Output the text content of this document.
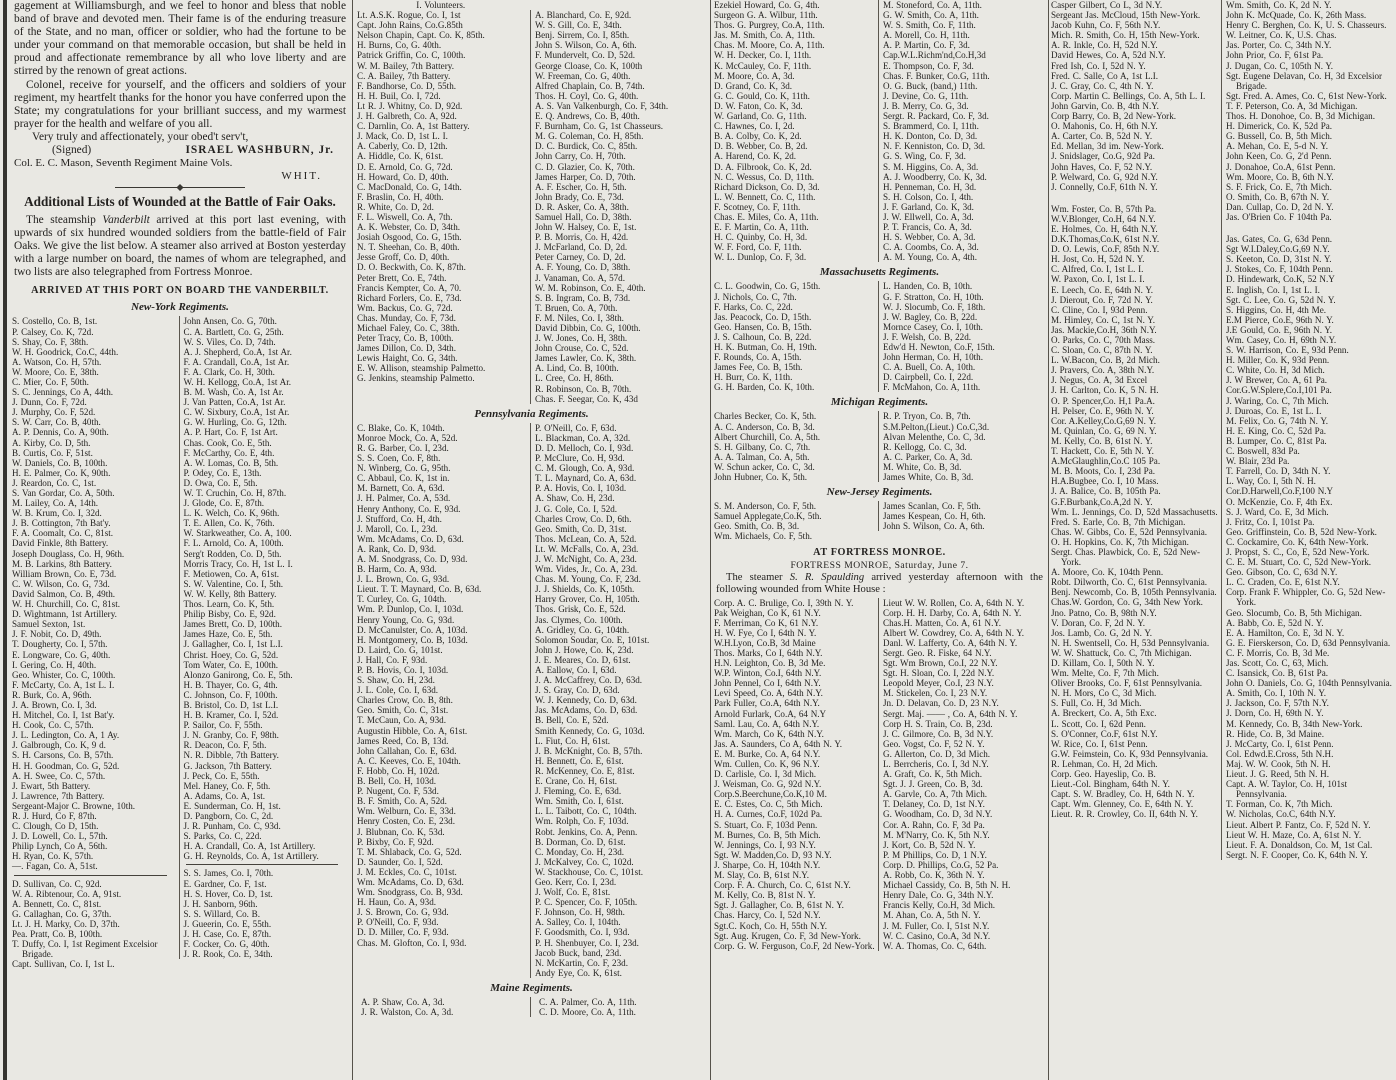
gagement at Williamsburgh, and we feel to honor and bless that noble band of brave and devoted men. Their fame is of the enduring treasure of the State, and no man, officer or soldier, who had the fortune to be under your command on that memorable occasion, but shall be held in proud and affectionate remembrance by all who love liberty and are stirred by the renown of great actions.

Colonel, receive for yourself, and the officers and soldiers of your regiment, my heartfelt thanks for the honor you have conferred upon the State; my congratulations for your brilliant success, and my warmest prayer for the health and welfare of you all.

Very truly and affectionately, your obed't serv't,
(Signed)	ISRAEL WASHBURN, Jr.
Col. E. C. Mason, Seventh Regiment Maine Vols.
WHIT.
Additional Lists of Wounded at the Battle of Fair Oaks.

The steamship Vanderbilt arrived at this port last evening, with upwards of six hundred wounded soldiers from the battle-field of Fair Oaks. We give the list below. A steamer also arrived at Boston yesterday with a large number on board, the names of whom are telegraphed, and two lists are also telegraphed from Fortress Monroe.

ARRIVED AT THIS PORT ON BOARD THE VANDERBILT.
New-York Regiments.
S. Costello, Co. B, 1st.
P. Calsey, Co. K, 72d.
S. Shay, Co. F, 38th.
W. H. Goodrick, Co.C, 44th.
A. Watson, Co. H, 57th.
W. Moore, Co. E, 38th.
C. Mier, Co. F, 50th.
S. C. Jennings, Co A, 44th.
J. Dunn, Co. F, 72d.
J. Murphy, Co. F, 52d.
S. W. Carr, Co. B, 40th.
A. P. Dennis, Co. A, 90th.
A. Kirby, Co. D, 5th.
B. Curtis, Co. F, 51st.
W. Daniels, Co. B, 100th.
H. E. Palmer, Co. K, 90th.
J. Reardon, Co. C, 1st.
S. Van Gordar, Co. A, 50th.
M. Lailey, Co. A, 14th.
W. B. Krum, Co. I, 32d.
J. B. Cottington, 7th Bat'y.
F. A. Coomalt, Co. C, 81st.
David Finkle, 8th Battery.
Joseph Douglass, Co. H, 96th.
M. B. Larkins, 8th Battery.
William Brown, Co. E, 73d.
C. W. Wilson, Co. G, 73d.
David Salmon, Co. B, 49th.
W. H. Churchill, Co. C, 81st.
D. Wightmann, 1st Artillery.
Samuel Sexton, 1st.
J. F. Nobit, Co. D, 49th.
T. Dougherty, Co. I, 57th.
E. Longware, Co. G, 40th.
I. Gering, Co. H, 40th.
Geo. Whister, Co. C, 100th.
F. McCarty, Co. A, 1st L. I.
R. Burk, Co. A, 96th.
J. A. Brown, Co. I, 3d.
H. Mitchel, Co. I, 1st Bat'y.
H. Cook, Co. C, 57th.
J. L. Ledington, Co. A, 1 Ay.
J. Galbrough, Co. K, 9 d.
S. H. Carsons, Co. B, 57th.
H. H. Goodman, Co. G, 52d.
A. H. Swee, Co. C, 57th.
J. Ewart, 5th Battery.
J. Lawrence, 7th Battery.
Sergeant-Major C. Browne, 10th.
R. J. Hurd, Co F, 87th.
C. Clough, Co D, 15th.
J. D. Lowell, Co. L, 57th.
Philip Lynch, Co A, 56th.
H. Ryan, Co. K, 57th.
—. Fagan, Co. A, 51st.
D. Sullivan, Co. C, 92d.
W. A. Ribtenour, Co. A, 91st.
A. Bennett, Co. C, 81st.
G. Callaghan, Co. G, 37th.
Lt. J. H. Marky, Co. D, 37th.
Pea. Pratt, Co. B, 100th.
T. Duffy, Co. I, 1st Regiment Excelsior Brigade.
Capt. Sullivan, Co. I, 1st L.
John Ansen, Co. G, 70th.
C. A. Bartlett, Co. G, 25th.
W. S. Viles, Co. D, 74th.
A. J. Shepherd, Co.A, 1st Ar.
F. A. Crandall, Co.A, 1st Ar.
F. A. Clark, Co. H, 30th.
W. H. Kellogg, Co.A, 1st Ar.
B. M. Wash, Co. A, 1st Ar.
J. Van Patten, Co.A, 1st Ar.
C. W. Sixbury, Co.A, 1st Ar.
G. W. Hurling, Co. G, 12th.
A. P. Hart, Co. F, 1st Art.
Chas. Cook, Co. E, 5th.
F. McCarthy, Co. E, 4th.
A. W. Lomas, Co. B, 5th.
P. Odey, Co. E, 13th.
D. Owa, Co. E, 5th.
W. T. Cruchin, Co. H, 87th.
J. Glode, Co. E, 87th.
L. K. Welch, Co. K, 96th.
T. E. Allen, Co. K, 76th.
W. Starkweather, Co. A, 100.
F. L. Arnold, Co. A, 100th.
Serg't Rodden, Co. D, 5th.
Morris Tracy, Co. H, 1st L. I.
F. Metiowen, Co. A, 61st.
S. W. Valentine, Co. I, 5th.
W. W. Kelly, 8th Battery.
Thos. Learn, Co. K, 5th.
Philip Bisby, Co. E, 92d.
James Brett, Co. D, 100th.
James Haze, Co. E, 5th.
J. Gallagher, Co. I, 1st L.I.
Christ. Hoey, Co. G, 52d.
Tom Water, Co. E, 100th.
Alonzo Ganirong, Co. E, 5th.
H. B. Thayer, Co. G, 4th.
C. Johnson, Co. F, 100th.
B. Bristol, Co. D, 1st L.I.
H. B. Kramer, Co. I, 52d.
P. Sailor, Co. F, 55th.
J. N. Granby, Co. F, 98th.
R. Deacon, Co. F, 5th.
N. R. Dibble, 7th Battery.
G. Jackson, 7th Battery.
J. Peck, Co. E, 55th.
Mel. Haney, Co. F, 5th.
A. Adams, Co. A, 1st.
E. Sunderman, Co. H, 1st.
D. Pangborn, Co. C, 2d.
J. R. Punham, Co. C, 93d.
S. Parks, Co. C, 22d.
H. A. Crandall, Co. A, 1st Artillery.
G. H. Reynolds, Co. A, 1st Artillery.
S. S. James, Co. I, 70th.
E. Gardner, Co. F, 1st.
H. S. Hover, Co. D, 1st.
J. H. Sanborn, 96th.
S. S. Willard, Co. B.
J. Gueerin, Co. E, 55th.
J. H. Case, Co. E, 87th.
F. Cocker, Co. G, 40th.
J. R. Rook, Co. E, 34th.
I. Volunteers.
Lt. A.S.K. Rogue, Co. I, 1st
Capt. John Rains, Co.G.85th
Nelson Chapin, Capt. Co. K, 85th.
H. Burns, Co, G. 40th.
Patrick Griffin, Co. C, 100th.
W. M. Bailey, 7th Battery.
C. A. Bailey, 7th Battery.
F. Bandhorse, Co. D, 55th.
H. H. Buil, Co. I, 72d.
Lt R. J. Whitny, Co. D, 92d.
J. H. Galbreth, Co. A, 92d.
C. Darnlin, Co. A, 1st Battery.
J. Mack, Co. D, 1st L. I.
A. Caberly, Co. D, 12th.
A. Hiddle, Co. K, 61st.
D. E. Arnold, Co. G, 72d.
H. Howard, Co. D, 40th.
C. MacDonald, Co. G, 14th.
F. Braslin, Co. H, 40th.
R. White, Co. D, 2d.
F. L. Wiswell, Co. A, 7th.
A. K. Webster, Co. D, 34th.
Josiah Osgood, Co. G, 15th.
N. T. Sheehan, Co. B, 40th.
Jesse Groff, Co. D, 40th.
D. O. Beckwith, Co. K, 87th.
Peter Brett, Co. E, 74th.
Francis Kempter, Co. A, 70.
Richard Forlers, Co. E, 73d.
Wm. Backus, Co. G, 72d.
Chas. Munday, Co. F, 73d.
Michael Faley, Co. C, 38th.
Peter Tracy, Co. B, 100th.
James Dillon, Co. D, 34th.
Lewis Haight, Co. G, 34th.
E. W. Allison, steamship Palmetto.
G. Jenkins, steamship Palmetto.
A. Blanchard, Co. E, 92d.
W. S. Gill, Co. E, 34th.
Benj. Sirrem, Co. I, 85th.
John S. Wilson, Co. A, 6th.
F. Mundervelt, Co. D, 52d.
George Cloase, Co. K, 100th
W. Freeman, Co. G, 40th.
Alfred Chaplain, Co. B, 74th.
Thos. H. Coyl, Co. G, 40th.
A. S. Van Valkenburgh, Co. F, 34th.
E. Q. Andrews, Co. B, 40th.
F. Burnham, Co. G, 1st Chasseurs.
M. G. Coleman, Co. H, 85th.
D. C. Burdick, Co. C, 85th.
John Carry, Co. H, 70th.
C. D. Glazier, Co. K, 70th.
James Harper, Co. D, 70th.
A. F. Escher, Co. H, 5th.
John Brady, Co. E, 73d.
D. R. Asker, Co. A, 38th.
Samuel Hall, Co. D, 38th.
John W. Halsey, Co. E, 1st.
P. B. Morris, Co. H, 42d.
J. McFarland, Co. D, 2d.
Peter Carney, Co. D, 2d.
A. F. Young, Co. D, 38th.
J. Vanaman, Co. A, 57d.
W. M. Robinson, Co. E, 40th.
S. B. Ingram, Co. B, 73d.
T. Bruen, Co. A, 70th.
F. M. Niles, Co. I, 38th.
David Dibbin, Co. G, 100th.
J. W. Jones, Co. H, 38th.
John Crouse, Co. C, 52d.
James Lawler, Co. K, 38th.
A. Lind, Co. B, 100th.
L. Cree, Co. H, 86th.
R. Robinson, Co. B, 70th.
Chas. F. Seegar, Co. K, 43d
Pennsylvania Regiments.
C. Blake, Co. K, 104th.
Monroe Mock, Co. A, 52d.
R. G. Barber, Co. I, 23d.
S. S. Coen, Co. F, 8th.
N. Winberg, Co. G, 95th.
C. Abbaul, Co. K, 1st in.
M. Barnett, Co. A, 63d.
J. H. Palmer, Co. A, 53d.
Henry Anthony, Co. E, 93d.
J. Stufford, Co. H, 4th.
J. Maroll, Co. L, 23d.
Wm. McAdams, Co. D, 63d.
A. Rank, Co. D, 93d.
A. M. Snodgrass, Co. D, 93d.
B. Harm, Co. A, 93d.
J. L. Brown, Co. G, 93d.
Lieut. T. T. Maynard, Co. B, 63d.
T. Curley, Co. G, 104th.
Wm. P. Dunlop, Co. I, 103d.
Henry Young, Co. G, 93d.
D. McCanulster, Co. A, 103d.
H. Montgomery, Co. B, 103d.
D. Laird, Co. G, 101st.
J. Hall, Co. F, 93d.
P. B. Hovis, Co. I, 103d.
S. Shaw, Co. H, 23d.
J. L. Cole, Co. I, 63d.
Charles Crow, Co. B, 8th.
Geo. Smith, Co. C, 31st.
T. McCaun, Co. A, 93d.
Augustin Hibble, Co. A, 61st.
James Reed, Co. B, 13d.
John Callahan, Co. E, 63d.
A. C. Keeves, Co. E, 104th.
F. Hobb, Co. H, 102d.
B. Bell, Co. H, 103d.
P. Nugent, Co. F, 53d.
B. F. Smith, Co. A, 52d.
Wm. Welburn, Co. E, 33d.
Henry Costen, Co. E, 23d.
J. Blubnan, Co. K, 53d.
P. Bixby, Co. F, 92d.
T. M. Shlaback, Co. G, 52d.
D. Saunder, Co. I, 52d.
J. M. Eckles, Co. C, 101st.
Wm. McAdams, Co. D, 63d.
Wm. Snodgrass, Co. B, 93d.
H. Haun, Co. A, 93d.
J. S. Brown, Co. G, 93d.
P. O'Neill, Co. F, 93d.
D. D. Miller, Co. F, 93d.
Chas. M. Glofton, Co. I, 93d.
P. O'Neill, Co. F, 63d.
L. Blackman, Co. A, 32d.
D. D. Melloch, Co. I, 93d.
P. McClure, Co. H, 93d.
C. M. Glough, Co. A, 93d.
T. L. Maynard, Co. A, 63d.
P. A. Hovis, Co. I, 103d.
A. Shaw, Co. H, 23d.
J. G. Cole, Co. I, 52d.
Charles Crow, Co. D, 6th.
Geo. Smith, Co. D, 31st.
Thos. McLean, Co. A, 52d.
Lt. W. McFalls, Co. A, 23d.
J. W. McNight, Co. A, 23d.
Wm. Vides, Jr., Co. A, 23d.
Chas. M. Young, Co. F, 23d.
J. J. Shields, Co. K, 105th.
Harry Grover, Co. H, 105th.
Thos. Grisk, Co. E, 52d.
Jas. Clymes, Co. 100th.
A. Gridley, Co. G, 104th.
Solomon Soudar, Co. E, 101st.
John J. Howe, Co. K, 23d.
J. E. Meares, Co. D, 61st.
A. Eallow, Co. I, 63d.
J. A. McCaffrey, Co. D, 63d.
J. S. Gray, Co. D, 63d.
W. J. Kennedy, Co. D, 63d.
Jas. McAdams, Co. D, 63d.
B. Bell, Co. E, 52d.
Smith Kennedy, Co. G, 103d.
L. Fiut, Co. H, 61st.
J. B. McKnight, Co. B, 57th.
H. Bennett, Co. E, 61st.
R. McKenney, Co. E, 81st.
E. Crane, Co. H, 61st.
J. Fleming, Co. E, 63d.
Wm. Smith, Co. I, 61st.
L. L. Taibott, Co. C, 104th.
Wm. Rolph, Co. F, 103d.
Robt. Jenkins, Co. A, Penn.
B. Dorman, Co. D, 61st.
C. Monday, Co. H, 23d.
J. McKalvey, Co. C, 102d.
W. Stackhouse, Co. C, 101st.
Geo. Kerr, Co. I, 23d.
J. Wolf, Co. E, 81st.
P. C. Spencer, Co. F, 105th.
F. Johnson, Co. H, 98th.
A. Salley, Co. I, 104th.
F. Goodsmith, Co. I, 93d.
P. H. Shenbuyer, Co. I, 23d.
Jacob Buck, band, 23d.
N. McKartin, Co. F, 23d.
Andy Eye, Co. K, 61st.
Maine Regiments.
A. P. Shaw, Co. A, 3d.
J. R. Walston, Co. A, 3d.
C. A. Palmer, Co. A, 11th.
C. D. Moore, Co. A, 11th.
Ezekiel Howard, Co. G, 4th.
Surgeon G. A. Wilbur, 11th.
Thos. G. Purgrey, Co.A, 11th.
Jas. M. Smith, Co. A, 11th.
Chas. M. Moore, Co. A, 11th.
W. H. Decker, Co. I, 11th.
K. McCauley, Co. F, 11th.
M. Moore, Co. A, 3d.
D. Grand, Co. K, 3d.
G. C. Gould, Co. K, 11th.
D. W. Faton, Co. K, 3d.
W. Garland, Co. G, 11th.
C. Hawnes, Co. I, 2d.
B. A. Colby, Co. K, 2d.
D. B. Webber, Co. B, 2d.
A. Harend, Co. K, 2d.
D. A. Filbrook, Co. K, 2d.
N. C. Wessus, Co. D, 11th.
Richard Dickson, Co. D, 3d.
L. W. Bennett, Co. C, 11th.
F. Scotney, Co. F, 11th.
Chas. E. Miles, Co. A, 11th.
E. F. Martin, Co. A, 11th.
H. C. Quinby, Co. H, 3d.
W. F. Ford, Co. F, 11th.
W. L. Dunlop, Co. F, 3d.
M. Stoneford, Co. A, 11th.
G. W. Smith, Co. A, 11th.
W. S. Smith, Co. F, 11th.
A. Morell, Co. H, 11th.
A. P. Martin, Co. F, 3d.
Cap.W.L.Richm'nd,Co.H,3d
E. Thompson, Co. F, 3d.
Chas. F. Bunker, Co.G, 11th.
O. G. Buck, (band,) 11th.
J. Devine, Co. G, 11th.
J. B. Merry, Co. G, 3d.
Sergt. R. Packard, Co. F, 3d.
S. Brammerd, Co. I, 11th.
H. K. Donton, Co. D, 3d.
N. F. Kenniston, Co. D, 3d.
G. S. Wing, Co. F, 3d.
S. M. Higgins, Co. A, 3d.
A. J. Woodberry, Co. K, 3d.
H. Penneman, Co. H, 3d.
S. H. Colson, Co. I, 4th.
J. F. Garland, Co. K, 3d.
J. W. Ellwell, Co. A, 3d.
P. T. Francis, Co. A, 3d.
H. S. Webber, Co. A, 3d.
C. A. Coombs, Co. A, 3d.
A. M. Young, Co. A, 4th.
Massachusetts Regiments.
C. L. Goodwin, Co. G, 15th.
J. Nichols, Co. C, 7th.
F. Harks, Co. C, 22d.
Jas. Peacock, Co. D, 15th.
Geo. Hansen, Co. B, 15th.
J. S. Calhoun, Co. B, 22d.
H. K. Butman, Co. H, 19th.
F. Rounds, Co. A, 15th.
James Fee, Co. B, 15th.
H. Burr, Co. K, 11th.
G. H. Barden, Co. K, 10th.
L. Handen, Co. B, 10th.
G. F. Stratton, Co. H, 10th.
W. J. Slocumb, Co. F, 18th.
J. W. Bagley, Co. B, 22d.
Mornce Casey, Co. I, 10th.
J. F. Welsh, Co. B, 22d.
Edw'd H. Newton, Co.F, 15th.
John Herman, Co. H, 10th.
C. A. Buell, Co. A, 10th.
D. Cairpbell, Co. I, 22d.
F. McMahon, Co. A, 11th.
Michigan Regiments.
Charles Becker, Co. K, 5th.
A. C. Anderson, Co. B, 3d.
Albert Churchill, Co. A, 5th.
S. H. Gilbany, Co. C, 7th.
A. A. Talman, Co. A, 5th.
W. Schun acker, Co. C, 3d.
John Hubner, Co. K, 5th.
R. P. Tryon, Co. B, 7th.
S.M.Pelton,(Lieut.) Co.C,3d.
Alvan Melenthe, Co. C, 3d.
R. Kellogg, Co. C, 3d.
A. C. Parker, Co. A, 3d.
M. White, Co. B, 3d.
James White, Co. B, 3d.
New-Jersey Regiments.
S. M. Anderson, Co. F, 5th.
Samuel Applegate,Co.K, 5th.
Geo. Smith, Co. B, 3d.
Wm. Michaels, Co. F, 5th.
James Scanlan, Co. F, 5th.
James Kespean, Co. H, 6th.
John S. Wilson, Co. A, 6th.
AT FORTRESS MONROE.
FORTRESS MONROE, Saturday, June 7.

The steamer S. R. Spaulding arrived yesterday afternoon with the following wounded from White House :

Corp. A. C. Brulige, Co. I, 39th N. Y.
Pak Weighan, Co K, 61 N.Y.
F. Merriman, Co K, 61 N.Y.
H. W. Fye, Co I, 64th N. Y.
W.H.Lyon, Co.B, 3d Maine
Thos. Marks, Co I, 64th N.Y.
H.N. Leighton, Co. B, 3d Me.
W.P. Winton, Co.I, 64th N.Y.
John Pennel, Co I, 64th N.Y.
Levi Speed, Co. A, 64th N.Y.
Park Fuller, Co.A, 64th N.Y.
Arnold Furlark, Co.A, 64 N.Y
Saml. Lau, Co. A, 64th N.Y.
Wm. March, Co K, 64th N.Y.
Jas. A. Saunders, Co A, 64th N. Y.
E. M. Burke, Co. A, 64 N.Y.
Wm. Cullen, Co. K, 96 N.Y.
D. Carlisle, Co. I, 3d Mich.
J. Weisman, Co. G, 92d N.Y.
Corp.S.Beerchune,Co.K,10 M.
E. C. Estes, Co. C, 5th Mich.
H. A. Curnes, Co.F, 102d Pa.
S. Stuart, Co. F, 103d Penn.
M. Burnes, Co. B, 5th Mich.
W. Jennings, Co. I, 93 N.Y.
Sgt. W. Madden,Co. D, 93 N.Y.
J. Sharpe, Co. H, 104th N.Y.
M. Slay, Co. B, 61st N.Y.
Corp. F. A. Church, Co. C, 61st N.Y.
M. Kelly, Co. B, 81st N. Y.
Sgt. J. Gallagher, Co. B, 61st N. Y.
Chas. Harcy, Co. I, 52d N.Y.
Sgt.C. Koch, Co. H, 55th N.Y.
Sgt. Aug. Krugen, Co. F, 3d New-York.
Corp. G. W. Ferguson, Co.F, 2d New-York.
Lieut W. W. Rollen, Co. A, 64th N. Y.
Corp. H. H. Darby, Co. A, 64th N. Y.
Chas.H. Matten, Co. A, 61 N.Y.
Albert W. Cowdrey, Co. A, 64th N. Y.
Danl. W. Lafferty, Co. A, 64th N. Y.
Sergt. Geo. R. Fiske, 64 N.Y.
Sgt. Wm Brown, Co.I, 22 N.Y.
Sgt. H. Sloan, Co. I, 22d N.Y.
Leopold Meyer, Co.I, 23 N.Y.
M. Stickelen, Co. I, 23 N.Y.
Jn. D. Delavan, Co. D, 23 N.Y.
Sergt. Maj. —— , Co. A, 64th N. Y.
Corp H. S. Train, Co. B, 23d.
J. C. Gilmore, Co. B, 3d N.Y.
Geo. Vogst, Co. F, 52 N. Y.
G. Allerton, Co. D, 3d Mich.
L. Berrcheris, Co. I, 3d N.Y.
A. Graft, Co. K, 5th Mich.
Sgt. J. J. Green, Co. B, 3d.
A. Garvle, Co. A, 7th Mich.
T. Delaney, Co. D, 1st N.Y.
G. Woodham, Co. D, 3d N.Y.
Cor. A. Rahn, Co. F, 3d Pa.
M. M'Narry, Co. K, 5th N.Y.
J. Kort, Co. B, 52d N. Y.
P. M Phillips, Co. D, 1 N.Y.
Corp. D. Phillips, Co.G, 52 Pa.
A. Robb, Co. K, 36th N. Y.
Michael Cassidy, Co. B, 5th N. H.
Henry Dale, Co. G, 34th N.Y.
Francis Kelly, Co.H, 3d Mich.
M. Ahan, Co. A, 5th N. Y.
J. M. Fuller, Co. I, 51st N.Y.
W. C. Casino, Co.A, 3d N.Y.
W. A. Thomas, Co. C, 64th.
Casper Gilbert, Co L, 3d N.Y.
Sergeant Jas. McCloud, 15th New-York.
Jacob Kuhn, Co. F, 56th N.Y.
Mich. R. Smith, Co. H, 15th New-York.
A. R. Inkle, Co. H, 52d N.Y.
David Hewes, Co. A, 52d N.Y.
Fred Ish, Co. I, 52d N. Y.
Fred. C. Salle, Co A, 1st L.I.
J. C. Gray, Co. C, 4th N. Y.
Corp. Martin C. Bellings, Co. A, 5th L. I.
John Garvin, Co. B, 4th N.Y.
Corp Barry, Co. B, 2d New-York.
O. Mahonis, Co. H, 6th N.Y.
A. Carter, Co. B, 52d N. Y.
Ed. Mellan, 3d im. New-York.
J. Snidslager, Co.G, 92d Pa.
John Haves, Co. F, 52 N.Y.
P. Welward, Co. G, 92d N.Y.
J. Connelly, Co.F, 61th N. Y.
Wm. Foster, Co. B, 57th Pa.
W.V.Blonger, Co.H, 64 N.Y.
E. Holmes, Co. H, 64th N.Y.
D.K.Thomas,Co.K, 61st N.Y.
D. O. Lewis, Co.F, 85th N.Y.
H. Jost, Co. H, 52d N. Y.
C. Alfred, Co. I, 1st L. I.
W. Paxon, Co. I, 1st L. I.
E. Leech, Co. E, 64th N. Y.
J. Dierout, Co. F, 72d N. Y.
C. Cline, Co. I, 93d Penn.
M. Himley, Co. C, 1st N. Y.
Jas. Mackie,Co.H, 36th N.Y.
O. Parks, Co. C, 70th Mass.
C. Sloan, Co. C, 87th N. Y.
L. W.Bacon, Co. B, 2d Mich.
J. Pravers, Co. A, 38th N.Y.
J. Negus, Co. A, 3d Excel
J. H. Carlton, Co. K, 5 N. H.
O. P. Spencer,Co. H,1 Pa.A.
H. Pelser, Co. E, 96th N. Y.
Cor. A.Kelley,Co.G,69 N. Y.
M. Quinlan, Co. G, 69 N. Y.
M. Kelly, Co. B, 61st N. Y.
T. Hackett, Co. E, 5th N. Y.
A.McGlaughlin,Co.C 105 Pa.
M. B. Moots, Co. I, 23d Pa.
H.A.Bugbee, Co. I, 10 Mass.
J. A. Balice, Co. B, 105th Pa.
G.F.Burbank,Co.A,2d N. Y.
Wm. L. Jennings, Co. D, 52d Massachusetts.
Fred. S. Earle, Co. B, 7th Michigan.
Chas. W. Gibbs, Co. E, 52d Pennsylvania.
O. H. Hopkins, Co. K, 7th Michigan.
Sergt. Chas. Plawbick, Co. E, 52d New-York.
A. Moore, Co. K, 104th Penn.
Robt. Dilworth, Co. C, 61st Pennsylvania.
Benj. Newcomb, Co. B, 105th Pennsylvania.
Chas.W. Gordon, Co. G, 34th New York.
Jno. Patno, Co. B, 98th N.Y.
V. Doran, Co. F, 2d N. Y.
Jos. Lamb, Co. G, 2d N. Y.
N. H. Swentsell, Co. H, 53d Pennsylvania.
W. W. Shattuck, Co. C, 7th Michigan.
D. Killam, Co. I, 50th N. Y.
Wm. Melte, Co. F, 7th Mich.
Oliver Brooks, Co. F, 61st Pennsylvania.
N. H. Mors, Co C, 3d Mich.
S. Full, Co. H, 3d Mich.
A. Breckert, Co. A, 5th Exc.
L. Scott, Co. I, 62d Penn.
S. O'Conner, Co.F, 61st N.Y.
W. Rice, Co. I, 61st Penn.
G.W. Feimstein, Co. K, 93d Pennsylvania.
R. Lehman, Co. H, 2d Mich.
Corp. Geo. Hayeslip, Co. B.
Lieut.-Col. Bingham, 64th N. Y.
Capt. S. W. Bradley, Co. H, 64th N. Y.
Capt. Wm. Glenney, Co. E, 64th N. Y.
Lieut. R. R. Crowley, Co. II, 64th N. Y.
Wm. Smith, Co. K, 2d N. Y.
John K. McQuade, Co. K, 26th Mass.
Henry C. Berghen, Co. K, U. S. Chasseurs.
W. Leitner, Co. K, U.S. Chas.
Jas. Porter, Co. C, 34th N.Y.
John Prior, Co. F, 61st Pa.
J. Dugan, Co. C, 105th N. Y.
Sgt. Eugene Delavan, Co. H, 3d Excelsior Brigade.
Sgt. Fred. A. Ames, Co. C, 61st New-York.
T. F. Peterson, Co. A, 3d Michigan.
Thos. H. Donohoe, Co. B, 3d Michigan.
H. Dimerick, Co. K, 52d Pa.
G. Bussell, Co. B, 5th Mich.
A. Mehan, Co. E, 5-d N. Y.
John Keen, Co. G, 2'd Penn.
J. Donahoe, Co.A, 61st Penn.
Wm. Moore, Co. B, 6th N.Y.
S. F. Frick, Co. E, 7th Mich.
O. Smith, Co. B, 67th N. Y.
Dan. Cullap, Co. D, 2d N. Y.
Jas. O'Brien Co. F 104th Pa.
Jas. Gates, Co. G, 63d Penn.
Sgt W.I.Daley,Co.G,69 N.Y.
S. Keeton, Co. D, 31st N. Y.
J. Stokes, Co. F, 104th Penn.
D. Hindewark, Co.K, 52 N.Y
E. Inglish, Co. I, 1st L. I.
Sgt. C. Lee, Co. G, 52d N. Y.
S. Higgins, Co. H, 4th Me.
E.M Pierce, Co.E, 96th N. Y.
J.E Gould, Co. E, 96th N. Y.
Wm. Casey, Co. H, 69th N.Y.
S. W. Harrison, Co. E, 93d Penn.
H. Miller, Co. K, 93d Penn.
C. White, Co. H, 3d Mich.
J. W Brewer, Co. A, 61 Pa.
Cor.G.W.Splere,Co.I,101 Pa.
J. Waring, Co. C, 7th Mich.
J. Duroas, Co. E, 1st L. I.
M. Felix, Co. G, 74th N. Y.
H. E. King, Co. C, 52d Pa.
B. Lumper, Co. C, 81st Pa.
C. Boswell, 83d Pa.
W. Blair, 23d Pa.
T. Farrell, Co. D, 34th N. Y.
L. Way, Co. I, 5th N. H.
Cor.D.Harwell,Co.F,100 N.Y
O. McKenzie, Co. F, 4th Ex.
S. J. Ward, Co. E, 3d Mich.
J. Fritz, Co. I, 101st Pa.
Geo. Griffinstein, Co. B, 52d New-York.
C. Cockamire, Co. K, 64th New-York.
J. Propst, S. C., Co, E, 52d New-York.
C. E. M. Stuart, Co. C, 52d New-York.
Geo. Gibson, Co. C, 63d N.Y.
L. C. Craden, Co. E, 61st N.Y.
Corp. Frank F. Whippler, Co. G, 52d New-York.
Geo. Slocumb, Co. B, 5th Michigan.
A. Babb, Co. E, 52d N. Y.
E. A. Hamilton, Co. E, 3d N. Y.
G. E. Fierskerson, Co. D, 63d Pennsylvania.
C. F. Morris, Co. B, 3d Me.
Jas. Scott, Co. C, 63, Mich.
C. Isansick, Co. B, 61st Pa.
John O. Daniels, Co. G, 104th Pennsylvania.
A. Smith, Co. I, 10th N. Y.
J. Jackson, Co. F, 57th N.Y.
J. Dorn, Co. H, 69th N. Y.
M. Kennedy, Co. B, 34th New-York.
R. Hide, Co. B, 3d Maine.
J. McCarty, Co. I, 61st Penn.
Col. Edwd.E.Cross, 5th N.H.
Maj. W. W. Cook, 5th N. H.
Lieut. J. G. Reed, 5th N. H.
Capt. A. W. Taylor, Co. H, 101st Pennsylvania.
T. Forman, Co. K, 7th Mich.
W. Nicholas, Co.C, 64th N.Y.
Lieut. Albert P. Fantz, Co. F, 52d N. Y.
Lieut W. H. Maze, Co. A, 61st N. Y.
Lieut. F. A. Donaldson, Co. M, 1st Cal.
Sergt. N. F. Cooper, Co. K, 64th N. Y.
